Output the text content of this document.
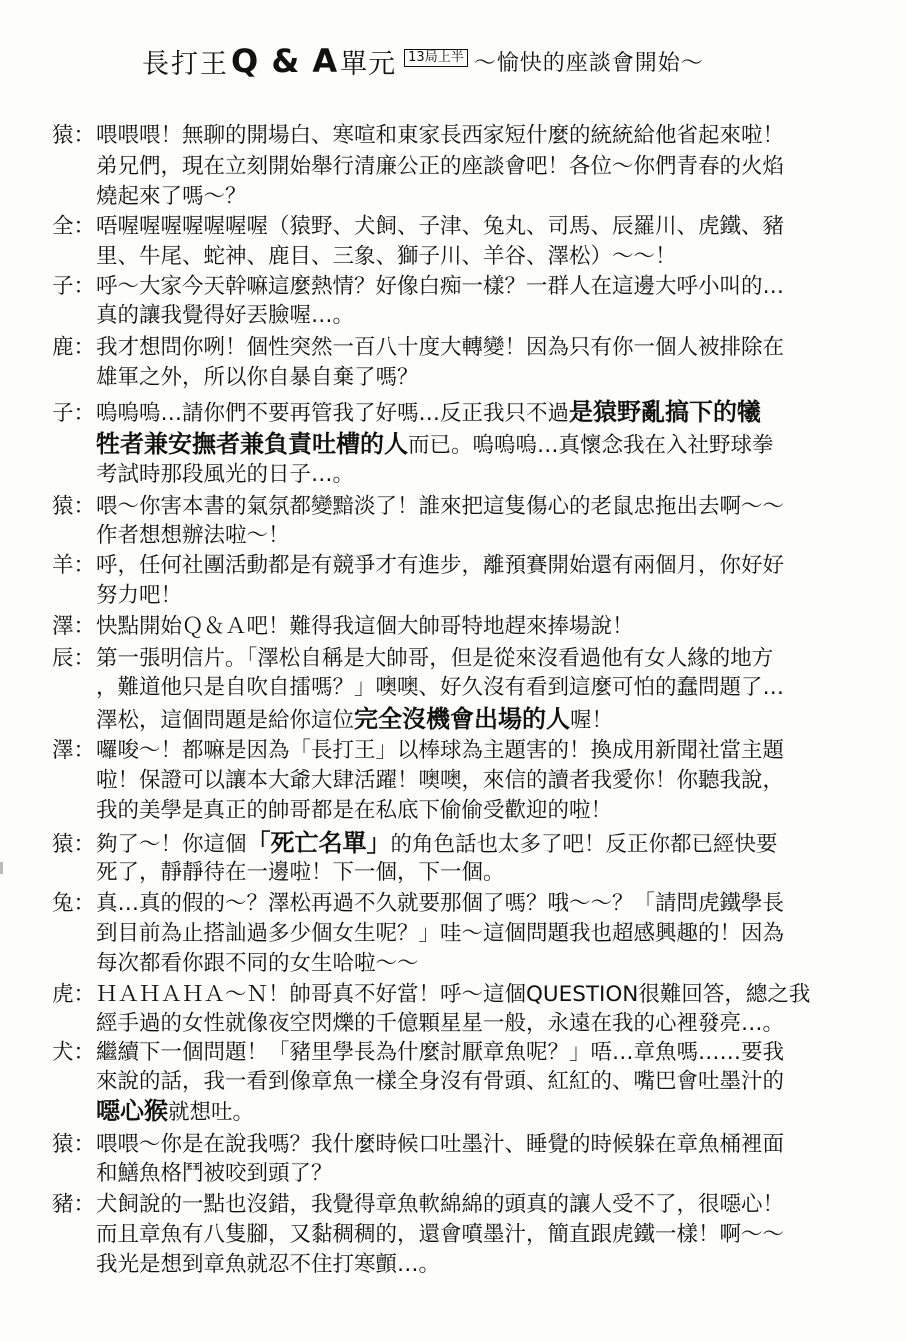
長打王 Q & A 單元 13局上半 ～愉快的座談會開始～
猿：喂喂喂！無聊的開場白、寒喧和東家長西家短什麼的統統給他省起來啦！
弟兄們，現在立刻開始舉行清廉公正的座談會吧！各位～你們青春的火焰
燒起來了嗎～？
全：唔喔喔喔喔喔喔喔（猿野、犬飼、子津、兔丸、司馬、辰羅川、虎鐵、豬
里、牛尾、蛇神、鹿目、三象、獅子川、羊谷、澤松）～～！
子：呼～大家今天幹嘛這麼熱情？好像白痴一樣？一群人在這邊大呼小叫的…
真的讓我覺得好丟臉喔…。
鹿：我才想問你咧！個性突然一百八十度大轉變！因為只有你一個人被排除在
雄軍之外，所以你自暴自棄了嗎？
子：嗚嗚嗚…請你們不要再管我了好嗎…反正我只不過是猿野亂搞下的犧
牲者兼安撫者兼負責吐槽的人而已。嗚嗚嗚…真懷念我在入社野球拳
考試時那段風光的日子…。
猿：喂～你害本書的氣氛都變黯淡了！誰來把這隻傷心的老鼠忠拖出去啊～～
作者想想辦法啦～！
羊：呼，任何社團活動都是有競爭才有進步，離預賽開始還有兩個月，你好好
努力吧！
澤：快點開始Ｑ＆Ａ吧！難得我這個大帥哥特地趕來捧場說！
辰：第一張明信片。「澤松自稱是大帥哥，但是從來沒看過他有女人緣的地方
，難道他只是自吹自擂嗎？」噢噢、好久沒有看到這麼可怕的蠢問題了…
澤松，這個問題是給你這位完全沒機會出場的人喔！
澤：囉唆～！都嘛是因為「長打王」以棒球為主題害的！換成用新聞社當主題
啦！保證可以讓本大爺大肆活躍！噢噢，來信的讀者我愛你！你聽我說，
我的美學是真正的帥哥都是在私底下偷偷受歡迎的啦！
猿：夠了～！你這個「死亡名單」的角色話也太多了吧！反正你都已經快要
死了，靜靜待在一邊啦！下一個，下一個。
兔：真…真的假的～？澤松再過不久就要那個了嗎？哦～～？「請問虎鐵學長
到目前為止搭訕過多少個女生呢？」哇～這個問題我也超感興趣的！因為
每次都看你跟不同的女生哈啦～～
虎：ＨＡＨＡＨＡ～Ｎ！帥哥真不好當！呼～這個QUESTION很難回答，總之我
經手過的女性就像夜空閃爍的千億顆星星一般，永遠在我的心裡發亮…。
犬：繼續下一個問題！「豬里學長為什麼討厭章魚呢？」唔…章魚嗎……要我
來說的話，我一看到像章魚一樣全身沒有骨頭、紅紅的、嘴巴會吐墨汁的
噁心猴就想吐。
猿：喂喂～你是在說我嗎？我什麼時候口吐墨汁、睡覺的時候躲在章魚桶裡面
和鱔魚格鬥被咬到頭了？
豬：犬飼說的一點也沒錯，我覺得章魚軟綿綿的頭真的讓人受不了，很噁心！
而且章魚有八隻腳，又黏稠稠的，還會噴墨汁，簡直跟虎鐵一樣！啊～～
我光是想到章魚就忍不住打寒顫…。
